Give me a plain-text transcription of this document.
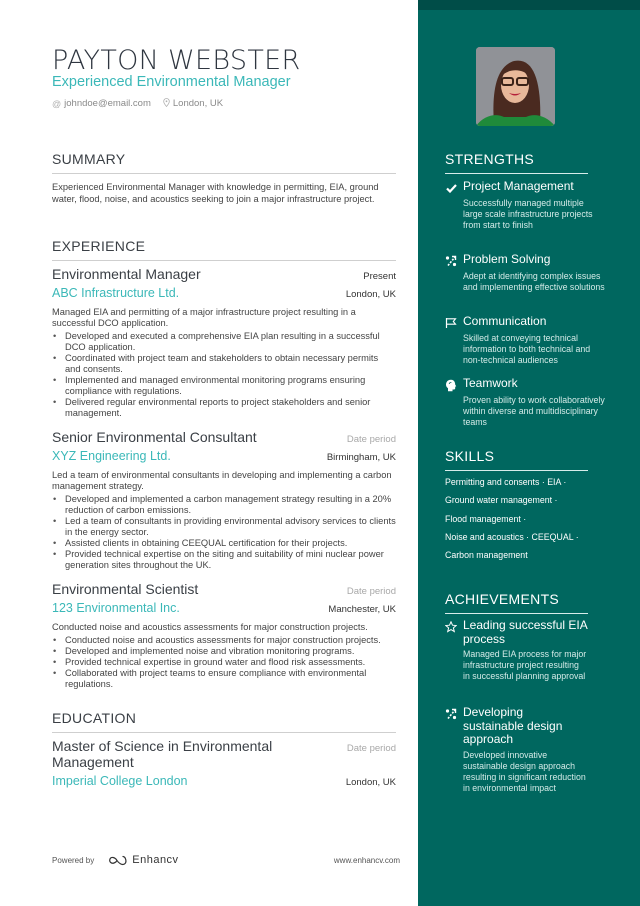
PAYTON WEBSTER
Experienced Environmental Manager
@ johndoe@email.com London, UK
SUMMARY
Experienced Environmental Manager with knowledge in permitting, EIA, ground water, flood, noise, and acoustics seeking to join a major infrastructure project.
EXPERIENCE
Environmental Manager	Present
ABC Infrastructure Ltd.	London, UK
Managed EIA and permitting of a major infrastructure project resulting in a successful DCO application.
• Developed and executed a comprehensive EIA plan resulting in a successful DCO application.
• Coordinated with project team and stakeholders to obtain necessary permits and consents.
• Implemented and managed environmental monitoring programs ensuring compliance with regulations.
• Delivered regular environmental reports to project stakeholders and senior management.
Senior Environmental Consultant	Date period
XYZ Engineering Ltd.	Birmingham, UK
Led a team of environmental consultants in developing and implementing a carbon management strategy.
• Developed and implemented a carbon management strategy resulting in a 20% reduction of carbon emissions.
• Led a team of consultants in providing environmental advisory services to clients in the energy sector.
• Assisted clients in obtaining CEEQUAL certification for their projects.
• Provided technical expertise on the siting and suitability of mini nuclear power generation sites throughout the UK.
Environmental Scientist	Date period
123 Environmental Inc.	Manchester, UK
Conducted noise and acoustics assessments for major construction projects.
• Conducted noise and acoustics assessments for major construction projects.
• Developed and implemented noise and vibration monitoring programs.
• Provided technical expertise in ground water and flood risk assessments.
• Collaborated with project teams to ensure compliance with environmental regulations.
EDUCATION
Master of Science in Environmental Management
Date period
Imperial College London	London, UK
Powered by	Enhancv	www.enhancv.com
STRENGTHS
Project Management
Successfully managed multiple large scale infrastructure projects from start to finish
Problem Solving
Adept at identifying complex issues and implementing effective solutions
Communication
Skilled at conveying technical information to both technical and non-technical audiences
Teamwork
Proven ability to work collaboratively within diverse and multidisciplinary teams
SKILLS
Permitting and consents · EIA ·
Ground water management ·
Flood management ·
Noise and acoustics · CEEQUAL ·
Carbon management
ACHIEVEMENTS
Leading successful EIA process
Managed EIA process for major infrastructure project resulting in successful planning approval
Developing sustainable design approach
Developed innovative sustainable design approach resulting in significant reduction in environmental impact
